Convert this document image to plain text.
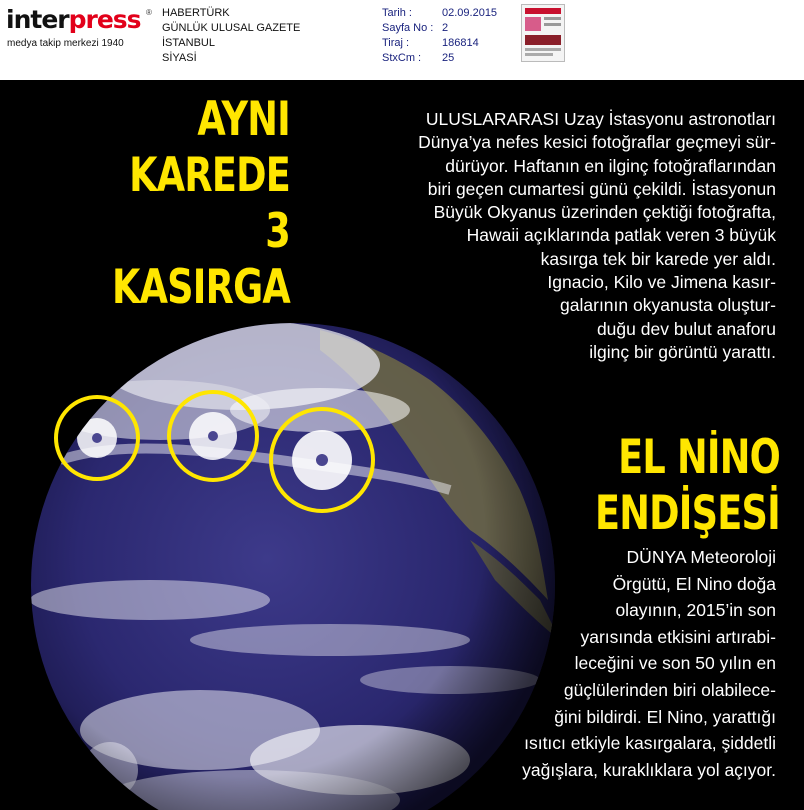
interpress ®
medya takip merkezi 1940
HABERTÜRK
GÜNLÜK ULUSAL GAZETE
İSTANBUL
SİYASİ
Tarih :	02.09.2015
Sayfa No : 2
Tiraj :	186814
StxCm : 25
AYNI
KAREDE
3 KASIRGA
ULUSLARARASI Uzay İstasyonu astronotları
Dünya’ya nefes kesici fotoğraflar geçmeyi sür-
dürüyor. Haftanın en ilginç fotoğraflarından
biri geçen cumartesi günü çekildi. İstasyonun
Büyük Okyanus üzerinden çektiği fotoğrafta,
Hawaii açıklarında patlak veren 3 büyük
kasırga tek bir karede yer aldı.
Ignacio, Kilo ve Jimena kasır-
galarının okyanusta oluştur-
duğu dev bulut anaforu
ilginç bir görüntü yarattı.
EL NİNO
ENDİŞESİ
DÜNYA Meteoroloji
Örgütü, El Nino doğa
olayının, 2015’in son
yarısında etkisini artırabi-
leceğini ve son 50 yılın en
güçlülerinden biri olabilece-
ğini bildirdi. El Nino, yarattığı
ısıtıcı etkiyle kasırgalara, şiddetli
yağışlara, kuraklıklara yol açıyor.
